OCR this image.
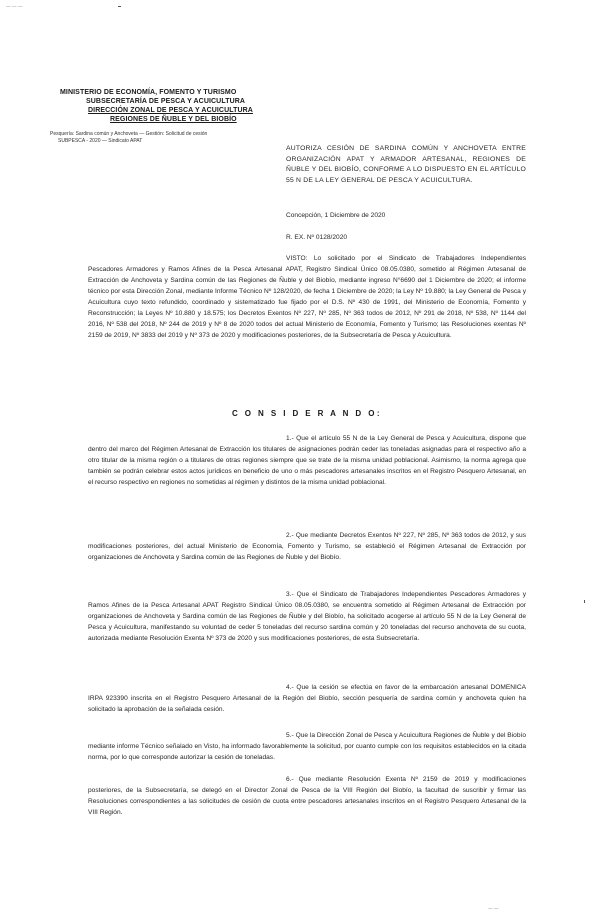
— — —
MINISTERIO DE ECONOMÍA, FOMENTO Y TURISMO
SUBSECRETARÍA DE PESCA Y ACUICULTURA
DIRECCIÓN ZONAL DE PESCA Y ACUICULTURA
REGIONES DE ÑUBLE Y DEL BIOBÍO
Pesquería: Sardina común y Anchoveta — Gestión: Solicitud de cesión
SUBPESCA - 2020 — Sindicato APAT
AUTORIZA CESIÓN DE SARDINA COMÚN Y ANCHOVETA ENTRE ORGANIZACIÓN APAT Y ARMADOR ARTESANAL, REGIONES DE ÑUBLE Y DEL BIOBÍO, CONFORME A LO DISPUESTO EN EL ARTÍCULO 55 N DE LA LEY GENERAL DE PESCA Y ACUICULTURA.
Concepción, 1 Diciembre de 2020
R. EX. Nº 0128/2020
VISTO: Lo solicitado por el Sindicato de Trabajadores Independientes Pescadores Armadores y Ramos Afines de la Pesca Artesanal APAT, Registro Sindical Único 08.05.0380, sometido al Régimen Artesanal de Extracción de Anchoveta y Sardina común de las Regiones de Ñuble y del Biobío, mediante ingreso N°6690 del 1 Diciembre de 2020; el informe técnico por esta Dirección Zonal, mediante Informe Técnico Nº 128/2020, de fecha 1 Diciembre de 2020; la Ley Nº 19.880; la Ley General de Pesca y Acuicultura cuyo texto refundido, coordinado y sistematizado fue fijado por el D.S. Nº 430 de 1991, del Ministerio de Economía, Fomento y Reconstrucción; la Leyes Nº 10.880 y 18.575; los Decretos Exentos Nº 227, Nº 285, Nº 363 todos de 2012, Nº 291 de 2018, Nº 538, Nº 1144 del 2016, Nº 538 del 2018, Nº 244 de 2019 y Nº 8 de 2020 todos del actual Ministerio de Economía, Fomento y Turismo; las Resoluciones exentas Nº 2159 de 2019, Nº 3833 del 2019 y Nº 373 de 2020 y modificaciones posteriores, de la Subsecretaría de Pesca y Acuicultura.
C O N S I D E R A N D O:
1.- Que el artículo 55 N de la Ley General de Pesca y Acuicultura, dispone que dentro del marco del Régimen Artesanal de Extracción los titulares de asignaciones podrán ceder las toneladas asignadas para el respectivo año a otro titular de la misma región o a titulares de otras regiones siempre que se trate de la misma unidad poblacional. Asimismo, la norma agrega que también se podrán celebrar estos actos jurídicos en beneficio de uno o más pescadores artesanales inscritos en el Registro Pesquero Artesanal, en el recurso respectivo en regiones no sometidas al régimen y distintos de la misma unidad poblacional.
2.- Que mediante Decretos Exentos Nº 227, Nº 285, Nº 363 todos de 2012, y sus modificaciones posteriores, del actual Ministerio de Economía, Fomento y Turismo, se estableció el Régimen Artesanal de Extracción por organizaciones de Anchoveta y Sardina común de las Regiones de Ñuble y del Biobío.
3.- Que el Sindicato de Trabajadores Independientes Pescadores Armadores y Ramos Afines de la Pesca Artesanal APAT Registro Sindical Único 08.05.0380, se encuentra sometido al Régimen Artesanal de Extracción por organizaciones de Anchoveta y Sardina común de las Regiones de Ñuble y del Biobío, ha solicitado acogerse al artículo 55 N de la Ley General de Pesca y Acuicultura, manifestando su voluntad de ceder 5 toneladas del recurso sardina común y 20 toneladas del recurso anchoveta de su cuota, autorizada mediante Resolución Exenta Nº 373 de 2020 y sus modificaciones posteriores, de esta Subsecretaría.
4.- Que la cesión se efectúa en favor de la embarcación artesanal DOMENICA IRPA 923390 inscrita en el Registro Pesquero Artesanal de la Región del Biobío, sección pesquería de sardina común y anchoveta quien ha solicitado la aprobación de la señalada cesión.
5.- Que la Dirección Zonal de Pesca y Acuicultura Regiones de Ñuble y del Biobío mediante informe Técnico señalado en Visto, ha informado favorablemente la solicitud, por cuanto cumple con los requisitos establecidos en la citada norma, por lo que corresponde autorizar la cesión de toneladas.
6.- Que mediante Resolución Exenta Nº 2159 de 2019 y modificaciones posteriores, de la Subsecretaría, se delegó en el Director Zonal de Pesca de la VIII Región del Biobío, la facultad de suscribir y firmar las Resoluciones correspondientes a las solicitudes de cesión de cuota entre pescadores artesanales inscritos en el Registro Pesquero Artesanal de la VIII Región.
— —
